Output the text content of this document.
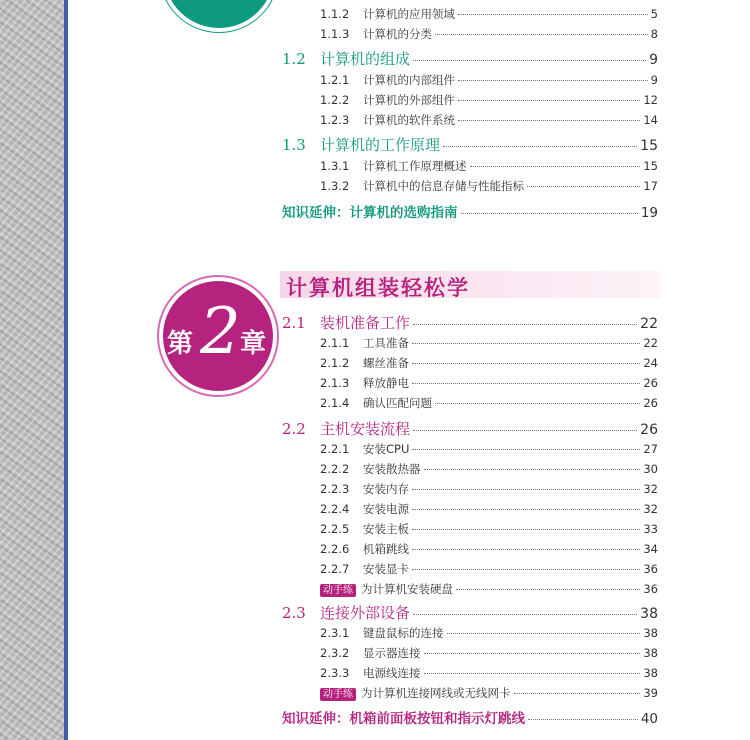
1.1.2	计算机的应用领域	5
1.1.3	计算机的分类	8
1.2 计算机的组成	9
1.2.1	计算机的内部组件	9
1.2.2	计算机的外部组件	12
1.2.3	计算机的软件系统	14
1.3 计算机的工作原理	15
1.3.1	计算机工作原理概述	15
1.3.2	计算机中的信息存储与性能指标	17
知识延伸：计算机的选购指南	19
第 2 章
计算机组装轻松学
2.1 装机准备工作	22
2.1.1	工具准备	22
2.1.2	螺丝准备	24
2.1.3	释放静电	26
2.1.4	确认匹配问题	26
2.2 主机安装流程	26
2.2.1	安装CPU	27
2.2.2	安装散热器	30
2.2.3	安装内存	32
2.2.4	安装电源	32
2.2.5	安装主板	33
2.2.6	机箱跳线	34
2.2.7	安装显卡	36
动手练 为计算机安装硬盘	36
2.3 连接外部设备	38
2.3.1	键盘鼠标的连接	38
2.3.2	显示器连接	38
2.3.3	电源线连接	38
动手练 为计算机连接网线或无线网卡	39
知识延伸：机箱前面板按钮和指示灯跳线	40
